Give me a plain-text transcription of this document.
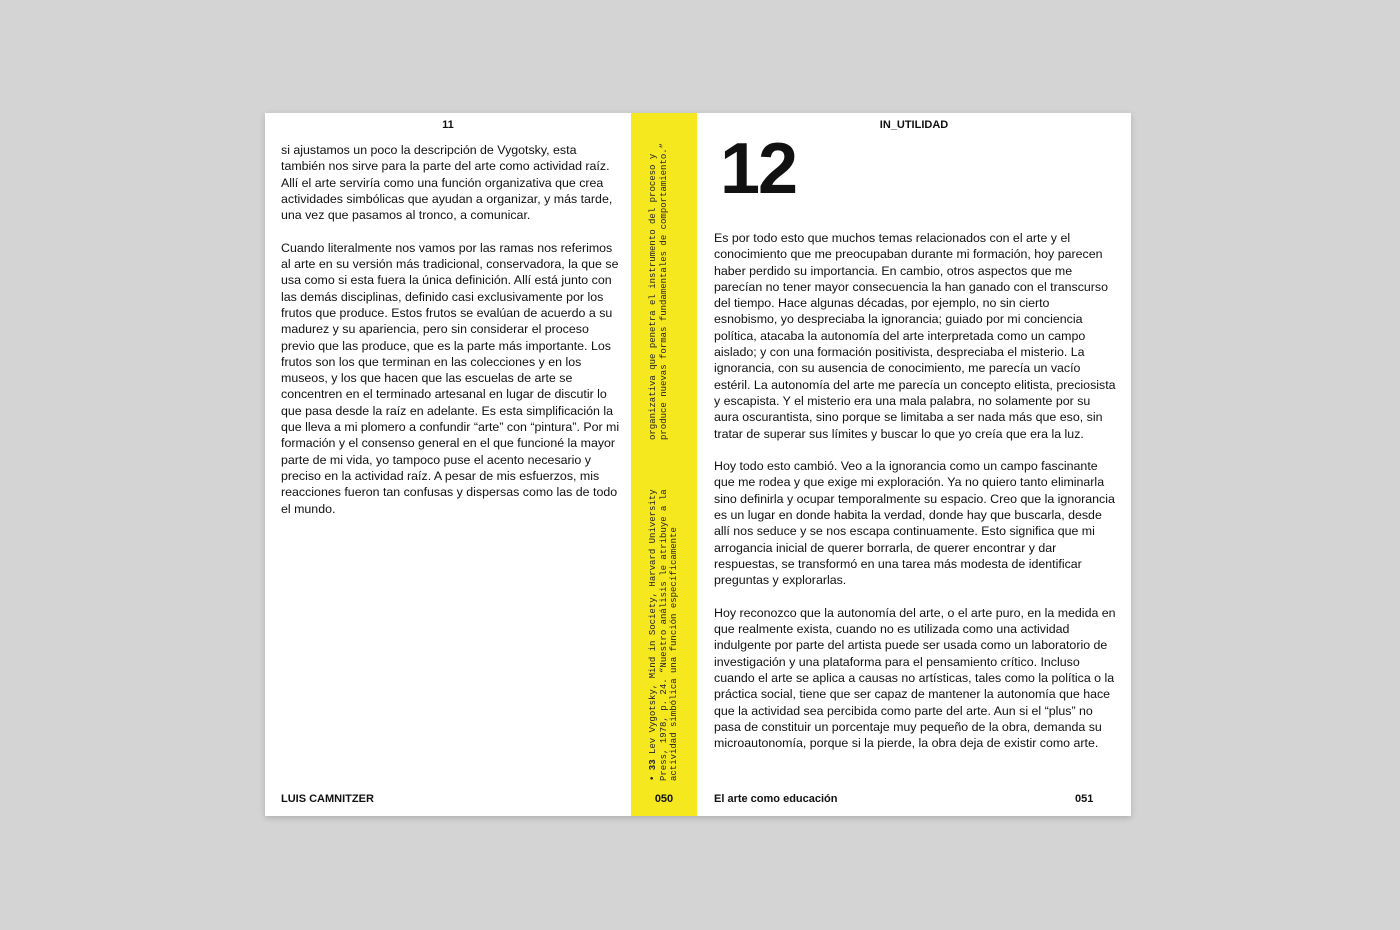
11

si ajustamos un poco la descripción de Vygotsky, esta también nos sirve para la parte del arte como actividad raíz. Allí el arte serviría como una función organizativa que crea actividades simbólicas que ayudan a organizar, y más tarde, una vez que pasamos al tronco, a comunicar.

Cuando literalmente nos vamos por las ramas nos referimos al arte en su versión más tradicional, conservadora, la que se usa como si esta fuera la única definición. Allí está junto con las demás disciplinas, definido casi exclusivamente por los frutos que produce. Estos frutos se evalúan de acuerdo a su madurez y su apariencia, pero sin considerar el proceso previo que las produce, que es la parte más importante. Los frutos son los que terminan en las colecciones y en los museos, y los que hacen que las escuelas de arte se concentren en el terminado artesanal en lugar de discutir lo que pasa desde la raíz en adelante. Es esta simplificación la que lleva a mi plomero a confundir “arte” con “pintura”. Por mi formación y el consenso general en el que funcioné la mayor parte de mi vida, yo tampoco puse el acento necesario y preciso en la actividad raíz. A pesar de mis esfuerzos, mis reacciones fueron tan confusas y dispersas como las de todo el mundo.

LUIS CAMNITZER
organizativa que penetra el instrumento del proceso y produce nuevas formas fundamentales de comportamiento.”
• 33 Lev Vygotsky, Mind in Society, Harvard University Press, 1978, p. 24. “Nuestro análisis le atribuye a la actividad simbólica una función específicamente
050
IN_UTILIDAD
12

Es por todo esto que muchos temas relacionados con el arte y el conocimiento que me preocupaban durante mi formación, hoy parecen haber perdido su importancia. En cambio, otros aspectos que me parecían no tener mayor consecuencia la han ganado con el transcurso del tiempo. Hace algunas décadas, por ejemplo, no sin cierto esnobismo, yo despreciaba la ignorancia; guiado por mi conciencia política, atacaba la autonomía del arte interpretada como un campo aislado; y con una formación positivista, despreciaba el misterio. La ignorancia, con su ausencia de conocimiento, me parecía un vacío estéril. La autonomía del arte me parecía un concepto elitista, preciosista y escapista. Y el misterio era una mala palabra, no solamente por su aura oscurantista, sino porque se limitaba a ser nada más que eso, sin tratar de superar sus límites y buscar lo que yo creía que era la luz.

Hoy todo esto cambió. Veo a la ignorancia como un campo fascinante que me rodea y que exige mi exploración. Ya no quiero tanto eliminarla sino definirla y ocupar temporalmente su espacio. Creo que la ignorancia es un lugar en donde habita la verdad, donde hay que buscarla, desde allí nos seduce y se nos escapa continuamente. Esto significa que mi arrogancia inicial de querer borrarla, de querer encontrar y dar respuestas, se transformó en una tarea más modesta de identificar preguntas y explorarlas.

Hoy reconozco que la autonomía del arte, o el arte puro, en la medida en que realmente exista, cuando no es utilizada como una actividad indulgente por parte del artista puede ser usada como un laboratorio de investigación y una plataforma para el pensamiento crítico. Incluso cuando el arte se aplica a causas no artísticas, tales como la política o la práctica social, tiene que ser capaz de mantener la autonomía que hace que la actividad sea percibida como parte del arte. Aun si el “plus” no pasa de constituir un porcentaje muy pequeño de la obra, demanda su microautonomía, porque si la pierde, la obra deja de existir como arte.

El arte como educación	051
